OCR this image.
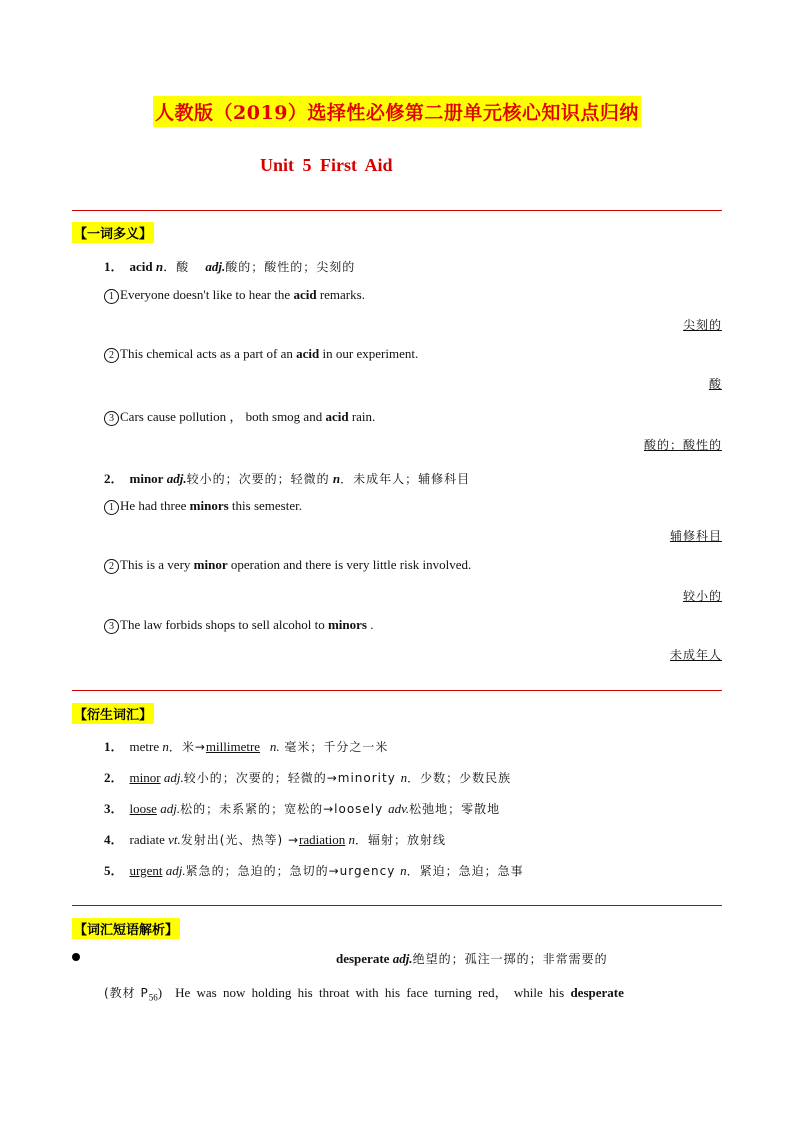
人教版（2019）选择性必修第二册单元核心知识点归纳
Unit 5 First Aid
【一词多义】
1． acid n．酸 adj.酸的；酸性的；尖刻的
1 Everyone doesn't like to hear the acid remarks.
尖刻的
2 This chemical acts as a part of an acid in our experiment.
酸
3 Cars cause pollution ， both smog and acid rain.
酸的；酸性的
2． minor adj.较小的；次要的；轻微的 n．未成年人；辅修科目
1 He had three minors this semester.
辅修科目
2 This is a very minor operation and there is very little risk involved.
较小的
3 The law forbids shops to sell alcohol to minors .
未成年人
【衍生词汇】
1． metre n．米→millimetre   n. 毫米；千分之一米
2． minor adj.较小的；次要的；轻微的→minority n．少数；少数民族
3． loose adj.松的；未系紧的；宽松的→loosely adv.松弛地；零散地
4． radiate vt.发射出(光、热等) →radiation n．辐射；放射线
5． urgent adj.紧急的；急迫的；急切的→urgency n．紧迫；急迫；急事
【词汇短语解析】
desperate adj.绝望的；孤注一掷的；非常需要的
(教材 $P_{56}$) He was now holding his throat with his face turning red， while his desperate
